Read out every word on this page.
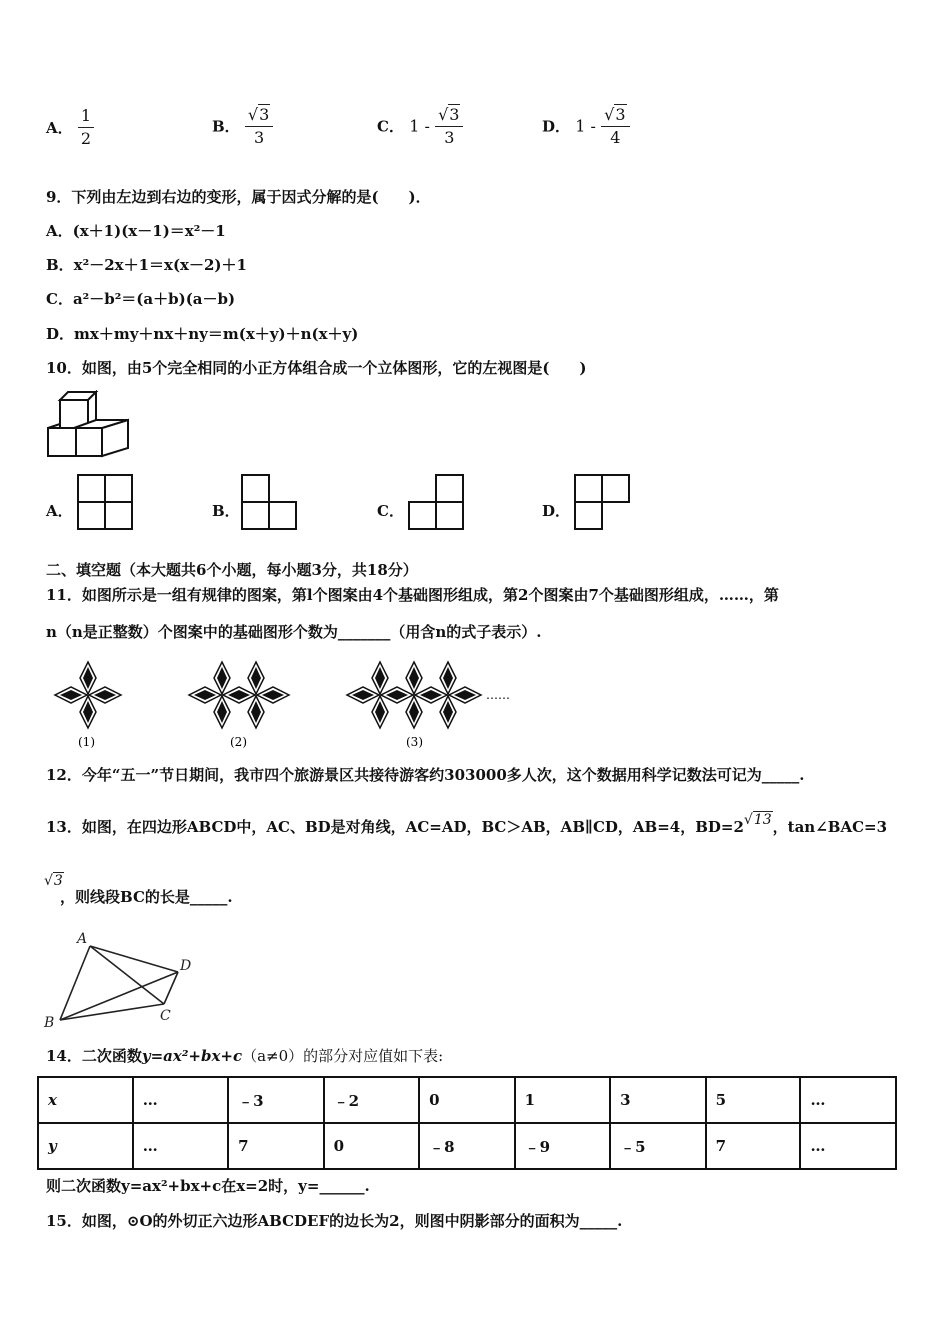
A． $\frac{1}{2}$	B． $\frac{√ 3}{3}$	C． $1 - \frac{√ 3}{3}$	D． $1 - \frac{√ 3}{4}$
9．下列由左边到右边的变形，属于因式分解的是(　　)．
A．(x＋1)(x－1)＝x²－1
B．x²－2x＋1＝x(x－2)＋1
C．a²－b²＝(a＋b)(a－b)
D．mx＋my＋nx＋ny＝m(x＋y)＋n(x＋y)
10．如图，由5个完全相同的小正方体组合成一个立体图形，它的左视图是(　　)
A．	B．	C．	D．
二、填空题（本大题共6个小题，每小题3分，共18分）
11．如图所示是一组有规律的图案，第l个图案由4个基础图形组成，第2个图案由7个基础图形组成，……，第
n（n是正整数）个图案中的基础图形个数为_______（用含n的式子表示）.
(1)	(2)	(3)
……
12．今年“五一”节日期间，我市四个旅游景区共接待游客约303000多人次，这个数据用科学记数法可记为_____.
13．如图，在四边形ABCD中，AC、BD是对角线，AC=AD，BC＞AB，AB∥CD，AB=4，BD=2√ 13 ，tan∠BAC=3
√ 3
，则线段BC的长是_____.
A
B	C
D
14．二次函数y=ax²+bx+c（a≠0）的部分对应值如下表:
x	…	﹣3	﹣2	0	1	3	5	…
y	…	7	0	﹣8	﹣9	﹣5	7	…
则二次函数y=ax²+bx+c在x=2时，y=______.
15．如图，⊙O的外切正六边形ABCDEF的边长为2，则图中阴影部分的面积为_____.
